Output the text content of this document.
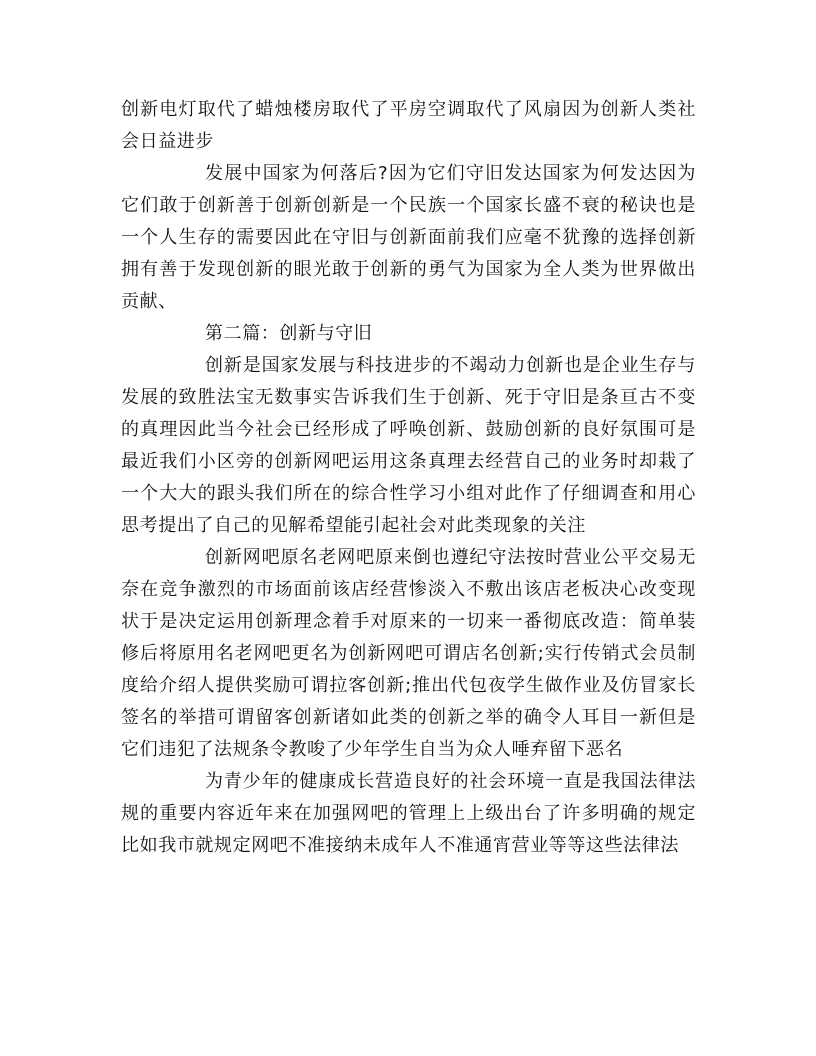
创新电灯取代了蜡烛楼房取代了平房空调取代了风扇因为创新人类社会日益进步

发展中国家为何落后?因为它们守旧发达国家为何发达因为它们敢于创新善于创新创新是一个民族一个国家长盛不衰的秘诀也是一个人生存的需要因此在守旧与创新面前我们应毫不犹豫的选择创新拥有善于发现创新的眼光敢于创新的勇气为国家为全人类为世界做出贡献、

第二篇：创新与守旧

创新是国家发展与科技进步的不竭动力创新也是企业生存与发展的致胜法宝无数事实告诉我们生于创新、死于守旧是条亘古不变的真理因此当今社会已经形成了呼唤创新、鼓励创新的良好氛围可是最近我们小区旁的创新网吧运用这条真理去经营自己的业务时却栽了一个大大的跟头我们所在的综合性学习小组对此作了仔细调查和用心思考提出了自己的见解希望能引起社会对此类现象的关注

创新网吧原名老网吧原来倒也遵纪守法按时营业公平交易无奈在竞争激烈的市场面前该店经营惨淡入不敷出该店老板决心改变现状于是决定运用创新理念着手对原来的一切来一番彻底改造：简单装修后将原用名老网吧更名为创新网吧可谓店名创新;实行传销式会员制度给介绍人提供奖励可谓拉客创新;推出代包夜学生做作业及仿冒家长签名的举措可谓留客创新诸如此类的创新之举的确令人耳目一新但是它们违犯了法规条令教唆了少年学生自当为众人唾弃留下恶名

为青少年的健康成长营造良好的社会环境一直是我国法律法规的重要内容近年来在加强网吧的管理上上级出台了许多明确的规定比如我市就规定网吧不准接纳未成年人不准通宵营业等等这些法律法
